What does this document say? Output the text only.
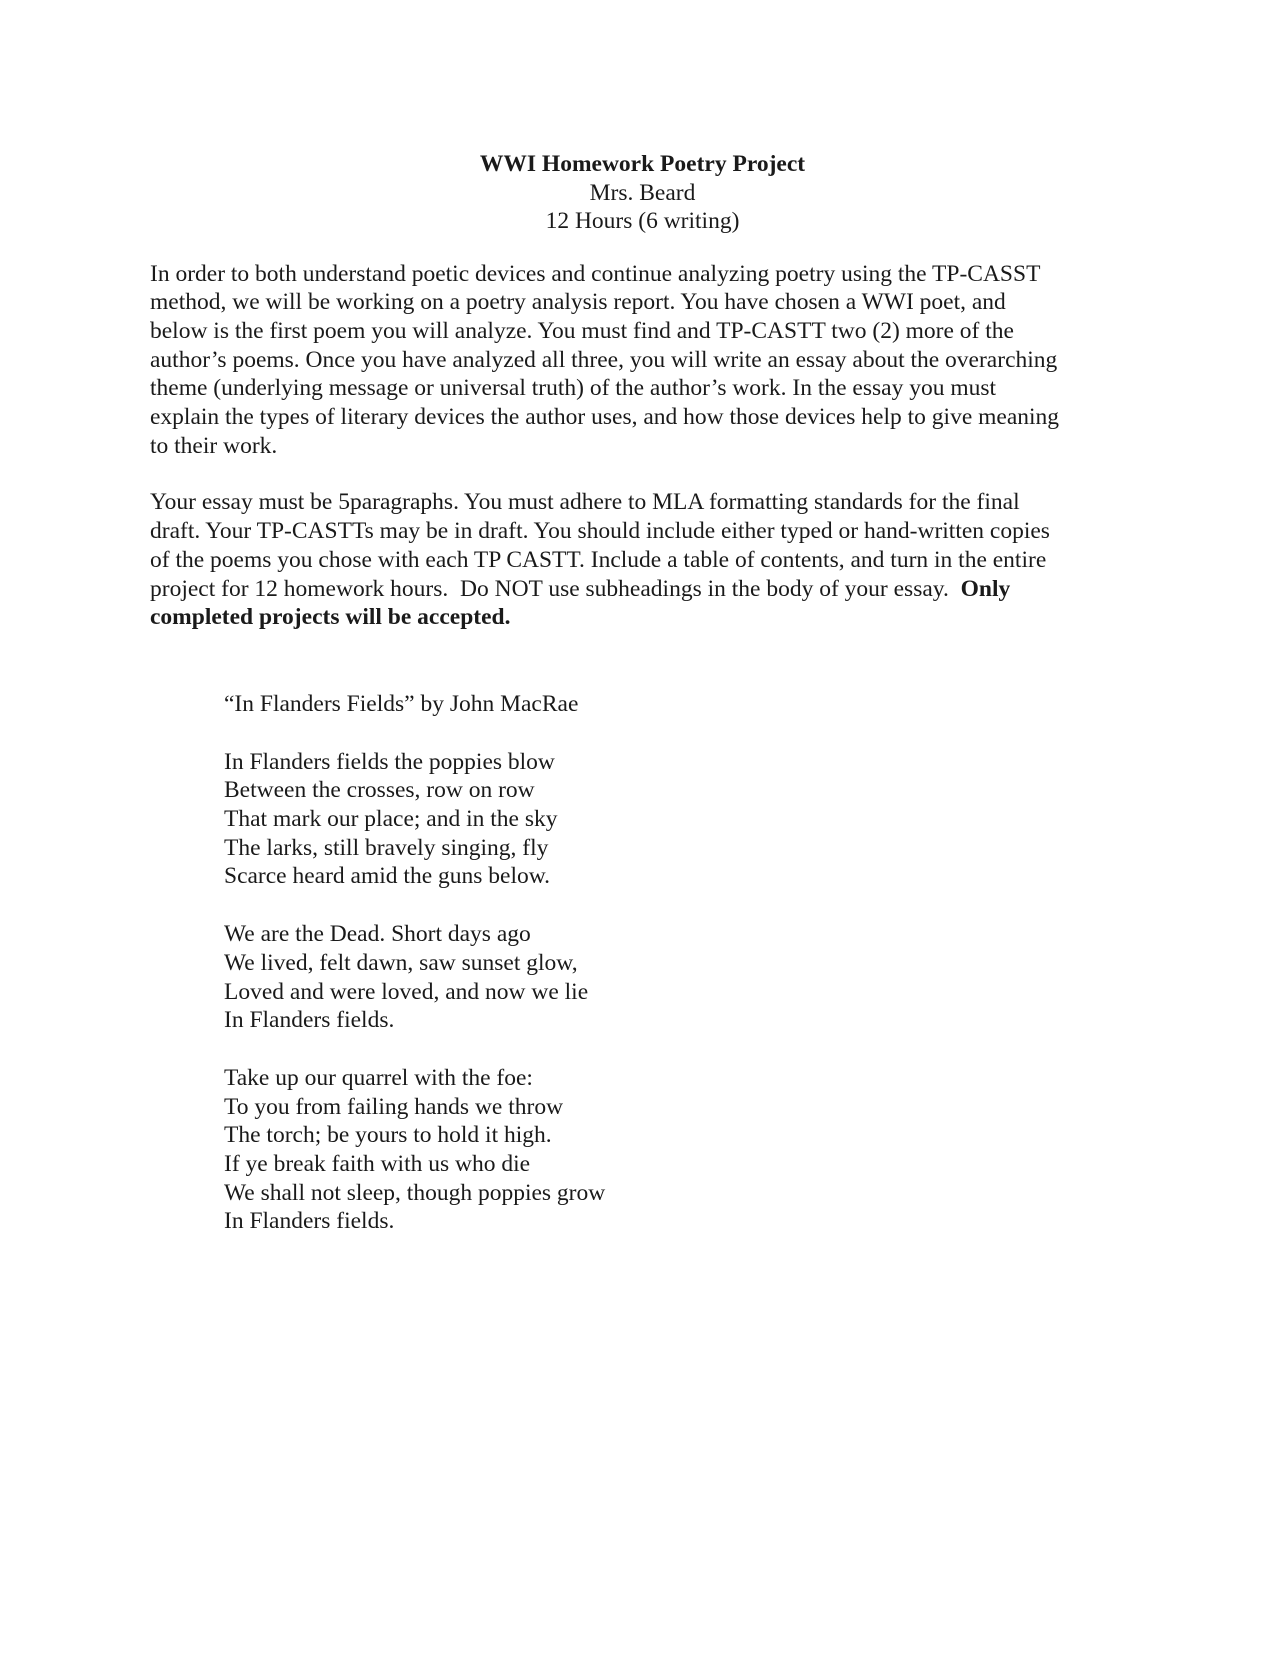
WWI Homework Poetry Project
Mrs. Beard
12 Hours (6 writing)

In order to both understand poetic devices and continue analyzing poetry using the TP-CASST
method, we will be working on a poetry analysis report. You have chosen a WWI poet, and
below is the first poem you will analyze. You must find and TP-CASTT two (2) more of the
author’s poems. Once you have analyzed all three, you will write an essay about the overarching
theme (underlying message or universal truth) of the author’s work. In the essay you must
explain the types of literary devices the author uses, and how those devices help to give meaning
to their work.

Your essay must be 5paragraphs. You must adhere to MLA formatting standards for the final
draft. Your TP-CASTTs may be in draft. You should include either typed or hand-written copies
of the poems you chose with each TP CASTT. Include a table of contents, and turn in the entire
project for 12 homework hours.  Do NOT use subheadings in the body of your essay.  Only
completed projects will be accepted.

“In Flanders Fields” by John MacRae
In Flanders fields the poppies blow
Between the crosses, row on row
That mark our place; and in the sky
The larks, still bravely singing, fly
Scarce heard amid the guns below.
We are the Dead. Short days ago
We lived, felt dawn, saw sunset glow,
Loved and were loved, and now we lie
In Flanders fields.
Take up our quarrel with the foe:
To you from failing hands we throw
The torch; be yours to hold it high.
If ye break faith with us who die
We shall not sleep, though poppies grow
In Flanders fields.
